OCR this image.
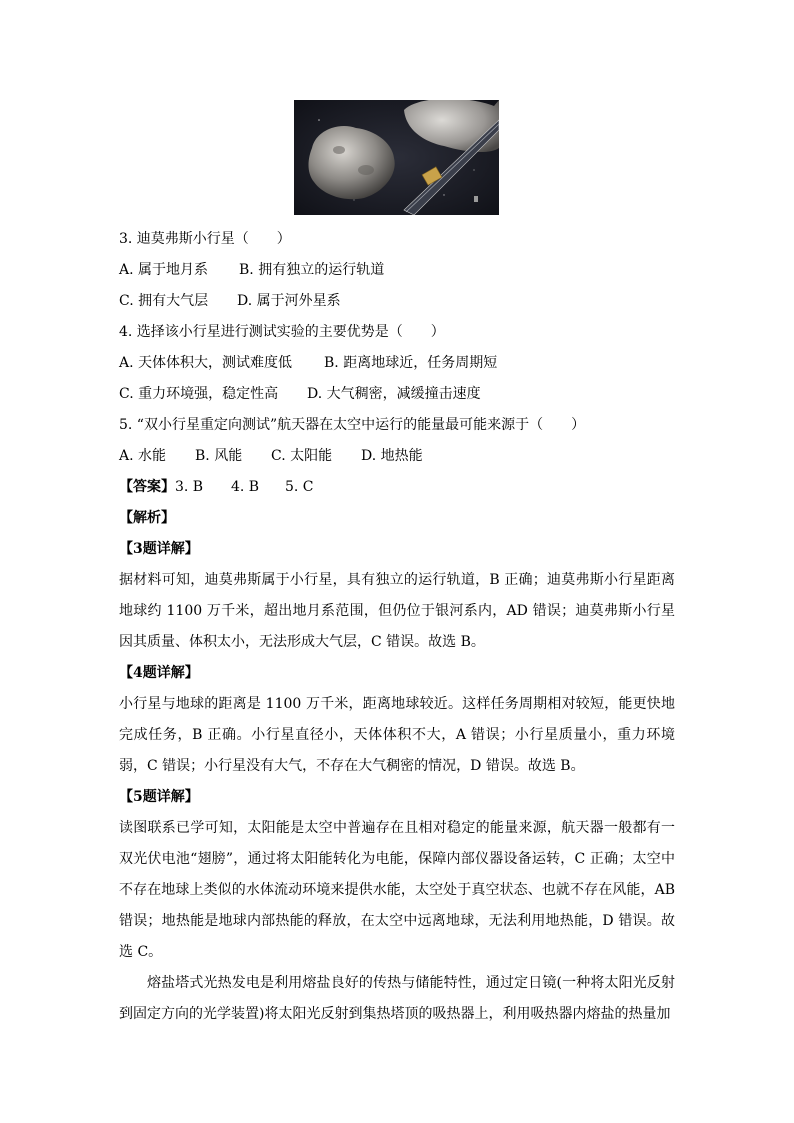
3. 迪莫弗斯小行星（　　）
A. 属于地月系 B. 拥有独立的运行轨道
C. 拥有大气层 D. 属于河外星系
4. 选择该小行星进行测试实验的主要优势是（　　）
A. 天体体积大，测试难度低 B. 距离地球近，任务周期短
C. 重力环境强，稳定性高 D. 大气稠密，减缓撞击速度
5. “双小行星重定向测试”航天器在太空中运行的能量最可能来源于（　　）
A. 水能 B. 风能 C. 太阳能 D. 地热能
【答案】3. B 4. B 5. C
【解析】
【3题详解】

据材料可知，迪莫弗斯属于小行星，具有独立的运行轨道，B 正确；迪莫弗斯小行星距离地球约 1100 万千米，超出地月系范围，但仍位于银河系内，AD 错误；迪莫弗斯小行星因其质量、体积太小，无法形成大气层，C 错误。故选 B。

【4题详解】

小行星与地球的距离是 1100 万千米，距离地球较近。这样任务周期相对较短，能更快地完成任务，B 正确。小行星直径小，天体体积不大，A 错误；小行星质量小，重力环境弱，C 错误；小行星没有大气，不存在大气稠密的情况，D 错误。故选 B。

【5题详解】

读图联系已学可知，太阳能是太空中普遍存在且相对稳定的能量来源，航天器一般都有一双光伏电池“翅膀”，通过将太阳能转化为电能，保障内部仪器设备运转，C 正确；太空中不存在地球上类似的水体流动环境来提供水能，太空处于真空状态、也就不存在风能，AB 错误；地热能是地球内部热能的释放，在太空中远离地球，无法利用地热能，D 错误。故选 C。

熔盐塔式光热发电是利用熔盐良好的传热与储能特性，通过定日镜(一种将太阳光反射到固定方向的光学装置)将太阳光反射到集热塔顶的吸热器上，利用吸热器内熔盐的热量加
